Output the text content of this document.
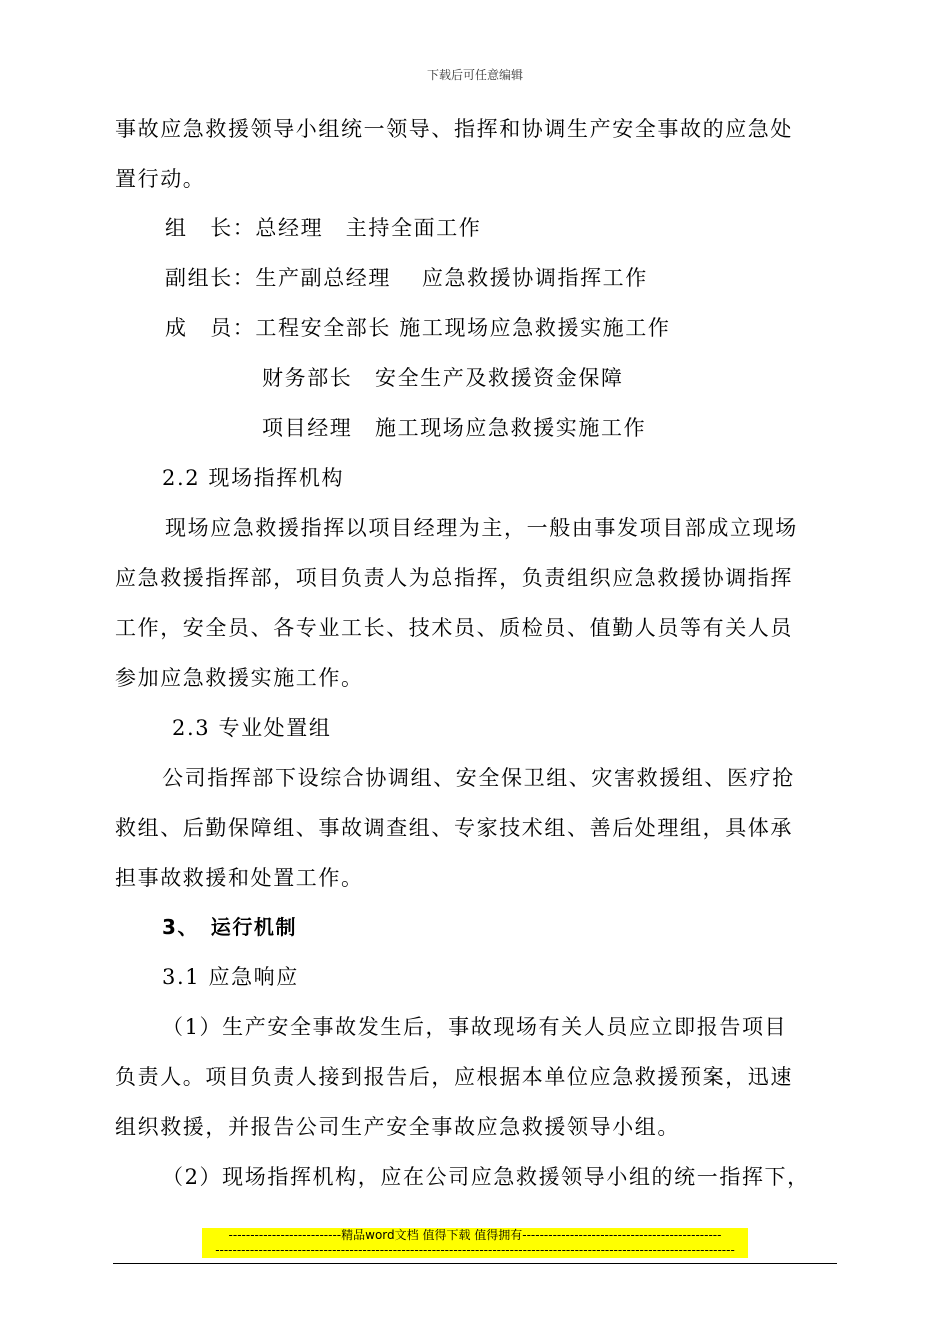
下载后可任意编辑
事故应急救援领导小组统一领导、指挥和协调生产安全事故的应急处
置行动。
组　长：总经理　主持全面工作
副组长：生产副总经理　 应急救援协调指挥工作
成　员：工程安全部长 施工现场应急救援实施工作
财务部长　安全生产及救援资金保障
项目经理　施工现场应急救援实施工作
2.2 现场指挥机构
现场应急救援指挥以项目经理为主，一般由事发项目部成立现场
应急救援指挥部，项目负责人为总指挥，负责组织应急救援协调指挥
工作，安全员、各专业工长、技术员、质检员、值勤人员等有关人员
参加应急救援实施工作。
2.3 专业处置组
公司指挥部下设综合协调组、安全保卫组、灾害救援组、医疗抢
救组、后勤保障组、事故调查组、专家技术组、善后处理组，具体承
担事故救援和处置工作。
3、　运行机制
3.1 应急响应
（1）生产安全事故发生后，事故现场有关人员应立即报告项目
负责人。项目负责人接到报告后，应根据本单位应急救援预案，迅速
组织救援，并报告公司生产安全事故应急救援领导小组。
（2）现场指挥机构，应在公司应急救援领导小组的统一指挥下，
--------------------------精品word文档 值得下载 值得拥有----------------------------------------------
------------------------------------------------------------------------------------------------------------------------
